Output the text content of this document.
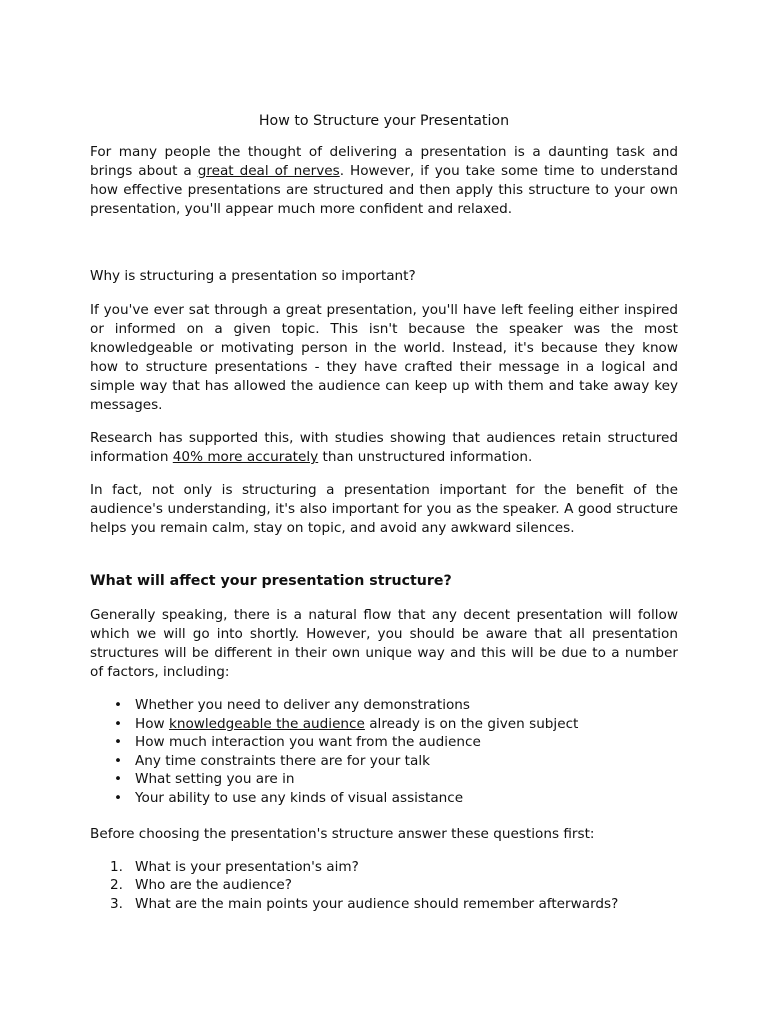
How to Structure your Presentation

For many people the thought of delivering a presentation is a daunting task and brings about a great deal of nerves. However, if you take some time to understand how effective presentations are structured and then apply this structure to your own presentation, you'll appear much more confident and relaxed.

Why is structuring a presentation so important?

If you've ever sat through a great presentation, you'll have left feeling either inspired or informed on a given topic. This isn't because the speaker was the most knowledgeable or motivating person in the world. Instead, it's because they know how to structure presentations - they have crafted their message in a logical and simple way that has allowed the audience can keep up with them and take away key messages.

Research has supported this, with studies showing that audiences retain structured information 40% more accurately than unstructured information.

In fact, not only is structuring a presentation important for the benefit of the audience's understanding, it's also important for you as the speaker. A good structure helps you remain calm, stay on topic, and avoid any awkward silences.

What will affect your presentation structure?

Generally speaking, there is a natural flow that any decent presentation will follow which we will go into shortly. However, you should be aware that all presentation structures will be different in their own unique way and this will be due to a number of factors, including:

• Whether you need to deliver any demonstrations
• How knowledgeable the audience already is on the given subject
• How much interaction you want from the audience
• Any time constraints there are for your talk
• What setting you are in
• Your ability to use any kinds of visual assistance

Before choosing the presentation's structure answer these questions first:

1. What is your presentation's aim?
2. Who are the audience?
3. What are the main points your audience should remember afterwards?
